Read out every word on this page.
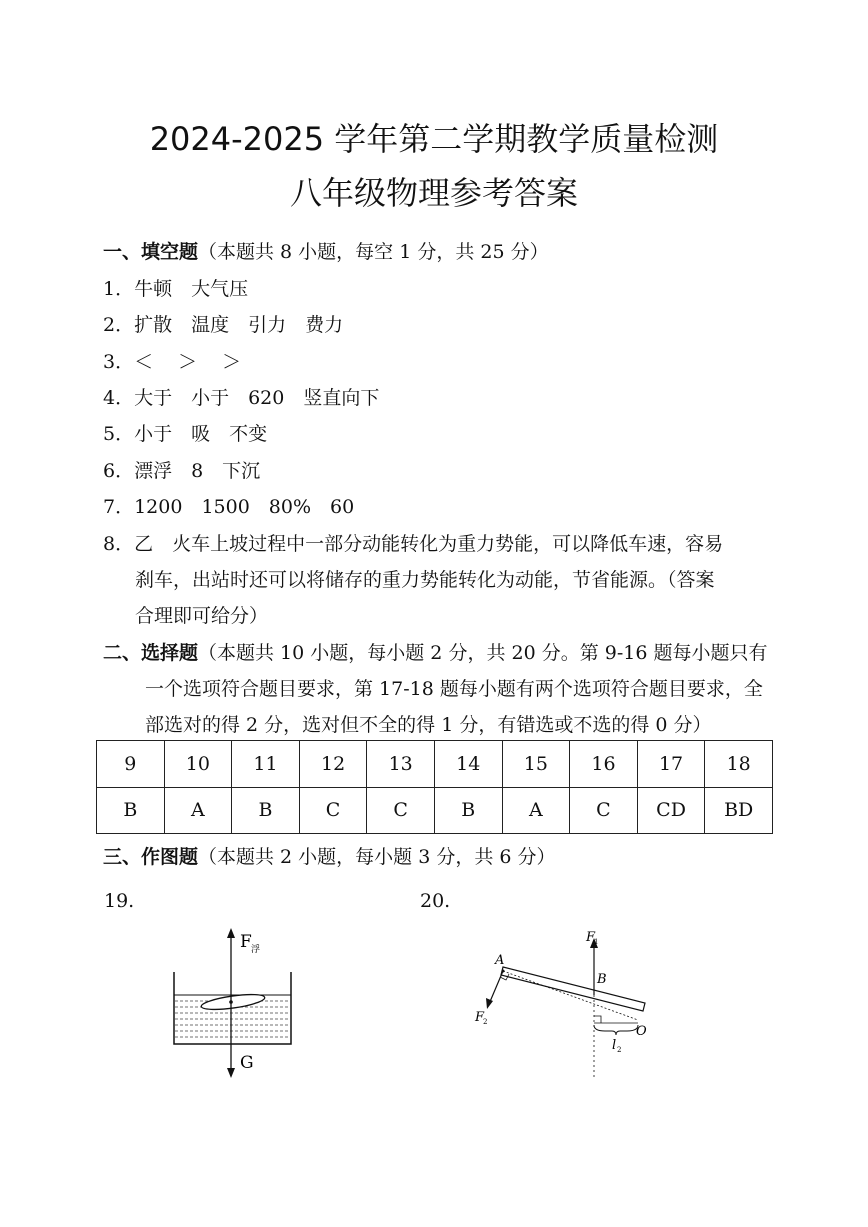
2024-2025 学年第二学期教学质量检测
八年级物理参考答案
一、填空题（本题共 8 小题，每空 1 分，共 25 分）
1．牛顿　大气压
2．扩散　温度　引力　费力
3．＜　 ＞　 ＞
4．大于　小于　620　竖直向下
5．小于　吸　不变
6．漂浮　8　下沉
7．1200　1500　80%　60
8．乙　火车上坡过程中一部分动能转化为重力势能，可以降低车速，容易
刹车，出站时还可以将储存的重力势能转化为动能，节省能源。（答案
合理即可给分）
二、选择题（本题共 10 小题，每小题 2 分，共 20 分。第 9-16 题每小题只有
一个选项符合题目要求，第 17-18 题每小题有两个选项符合题目要求，全
部选对的得 2 分，选对但不全的得 1 分，有错选或不选的得 0 分）
9	10	11	12	13	14	15	16	17	18
B	A	B	C	C	B	A	C	CD	BD
三、作图题（本题共 2 小题，每小题 3 分，共 6 分）
19.	20.
F 浮
G
A
B
O
F
1
F
2
l 2
